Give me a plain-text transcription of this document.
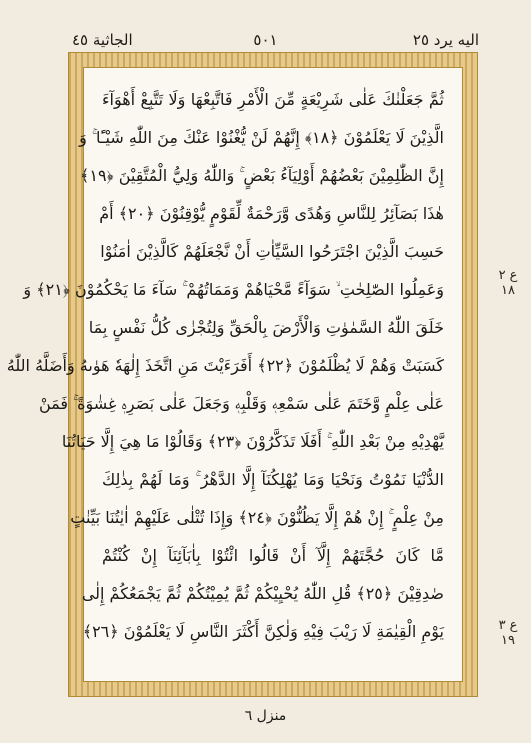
الجاثية ٤٥	٥٠١	اليه يرد ٢٥
ثُمَّ جَعَلْنٰكَ عَلٰى شَرِيْعَةٍ مِّنَ الْأَمْرِ فَاتَّبِعْهَا وَلَا تَتَّبِعْ أَهْوَآءَ
الَّذِيْنَ لَا يَعْلَمُوْنَ ﴿١٨﴾ إِنَّهُمْ لَنْ يُّغْنُوْا عَنْكَ مِنَ اللّٰهِ شَيْـًٔا ۚ وَ
إِنَّ الظّٰلِمِيْنَ بَعْضُهُمْ أَوْلِيَآءُ بَعْضٍ ۚ وَاللّٰهُ وَلِيُّ الْمُتَّقِيْنَ ﴿١٩﴾
هٰذَا بَصَآئِرُ لِلنَّاسِ وَهُدًى وَّرَحْمَةٌ لِّقَوْمٍ يُّوْقِنُوْنَ ﴿٢٠﴾ أَمْ
حَسِبَ الَّذِيْنَ اجْتَرَحُوا السَّيِّاٰتِ أَنْ نَّجْعَلَهُمْ كَالَّذِيْنَ اٰمَنُوْا
وَعَمِلُوا الصّٰلِحٰتِ ۙ سَوَآءً مَّحْيَاهُمْ وَمَمَاتُهُمْ ۚ سَآءَ مَا يَحْكُمُوْنَ ﴿٢١﴾ وَ
خَلَقَ اللّٰهُ السَّمٰوٰتِ وَالْأَرْضَ بِالْحَقِّ وَلِتُجْزٰى كُلُّ نَفْسٍ بِمَا
كَسَبَتْ وَهُمْ لَا يُظْلَمُوْنَ ﴿٢٢﴾ أَفَرَءَيْتَ مَنِ اتَّخَذَ إِلٰهَهٗ هَوٰىهُ وَأَضَلَّهُ اللّٰهُ
عَلٰى عِلْمٍ وَّخَتَمَ عَلٰى سَمْعِهٖ وَقَلْبِهٖ وَجَعَلَ عَلٰى بَصَرِهٖ غِشٰوَةً ۚ فَمَنْ
يَّهْدِيْهِ مِنْ بَعْدِ اللّٰهِ ۚ أَفَلَا تَذَكَّرُوْنَ ﴿٢٣﴾ وَقَالُوْا مَا هِيَ إِلَّا حَيَاتُنَا
الدُّنْيَا نَمُوْتُ وَنَحْيَا وَمَا يُهْلِكُنَآ إِلَّا الدَّهْرُ ۚ وَمَا لَهُمْ بِذٰلِكَ
مِنْ عِلْمٍ ۚ إِنْ هُمْ إِلَّا يَظُنُّوْنَ ﴿٢٤﴾ وَإِذَا تُتْلٰى عَلَيْهِمْ اٰيٰتُنَا بَيِّنٰتٍ
مَّا كَانَ حُجَّتَهُمْ إِلَّآ أَنْ قَالُوا ائْتُوْا بِاٰبَآئِنَآ إِنْ كُنْتُمْ
صٰدِقِيْنَ ﴿٢٥﴾ قُلِ اللّٰهُ يُحْيِيْكُمْ ثُمَّ يُمِيْتُكُمْ ثُمَّ يَجْمَعُكُمْ إِلٰى
يَوْمِ الْقِيٰمَةِ لَا رَيْبَ فِيْهِ وَلٰكِنَّ أَكْثَرَ النَّاسِ لَا يَعْلَمُوْنَ ﴿٢٦﴾
ع ٢ ١٨
ع ٣ ١٩
منزل ٦
